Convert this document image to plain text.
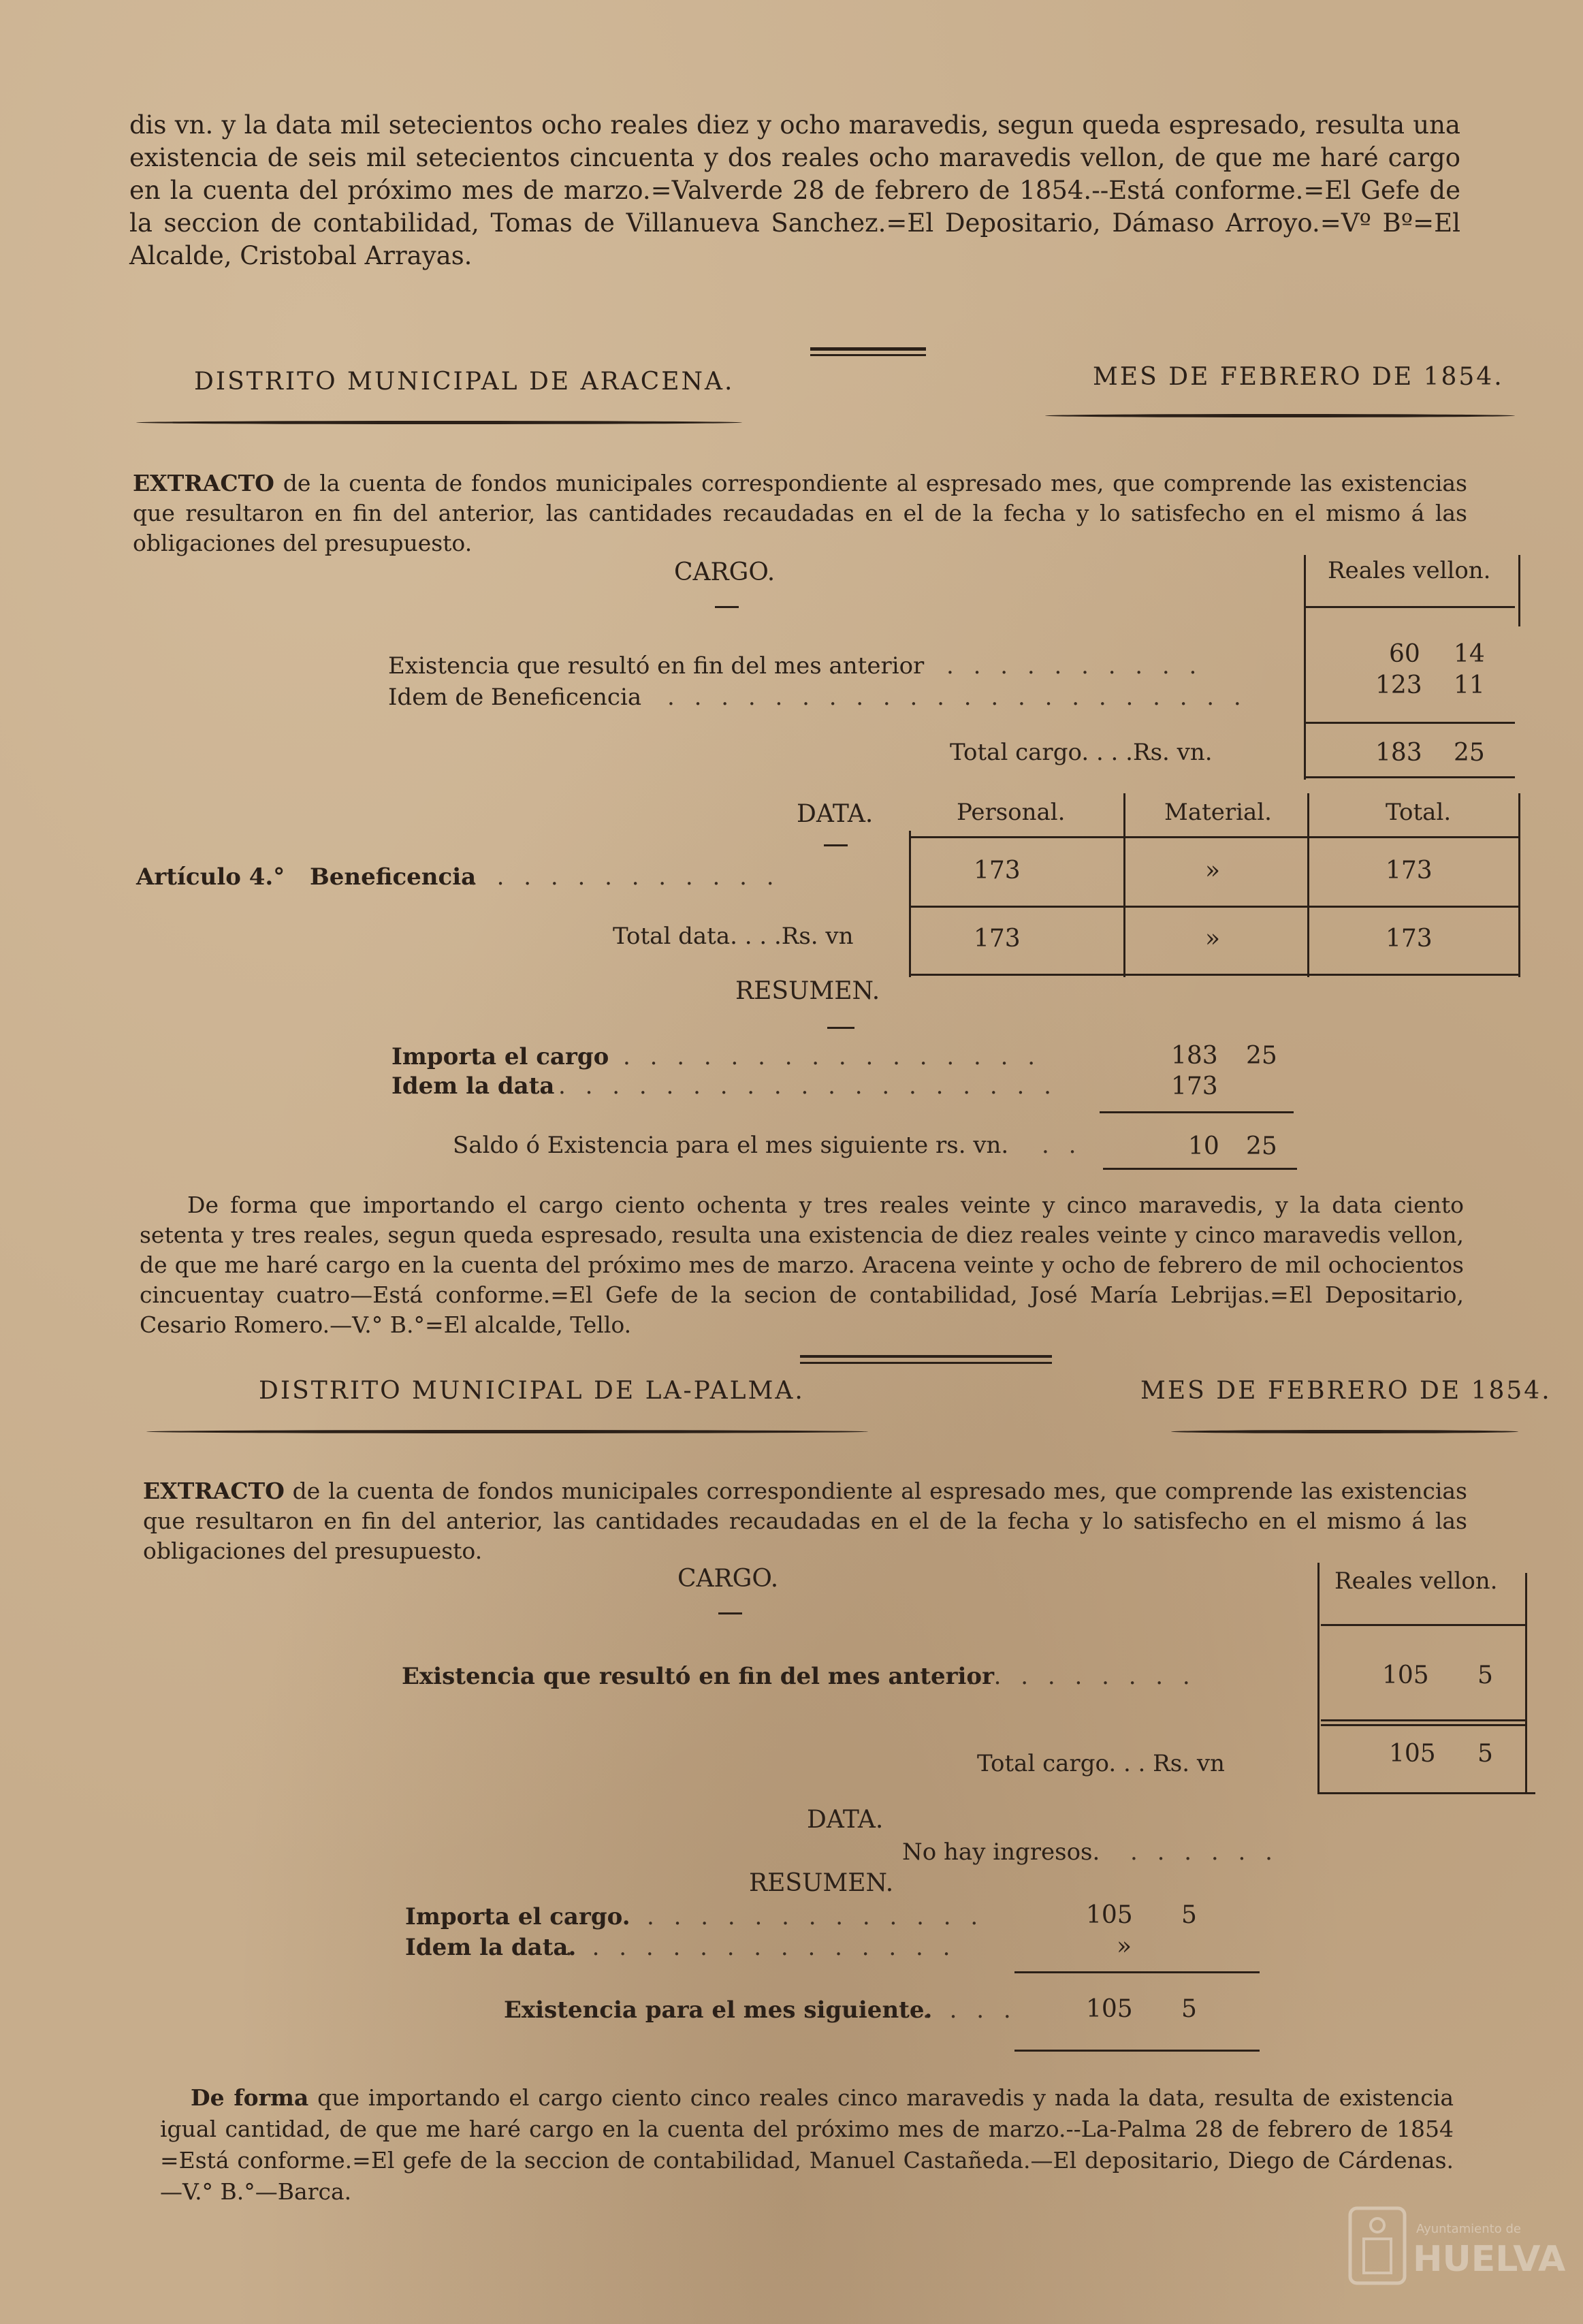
dis vn. y la data mil setecientos ocho reales diez y ocho maravedis, segun queda espresado, resulta una existencia de seis mil setecientos cincuenta y dos reales ocho maravedis vellon, de que me haré cargo en la cuenta del próximo mes de marzo.=Valverde 28 de febrero de 1854.--Está conforme.=El Gefe de la seccion de contabilidad, Tomas de Villanueva Sanchez.=El Depositario, Dámaso Arroyo.=Vº Bº=El Alcalde, Cristobal Arrayas.
DISTRITO MUNICIPAL DE ARACENA.	MES DE FEBRERO DE 1854.
EXTRACTO de la cuenta de fondos municipales correspondiente al espresado mes, que comprende las existencias que resultaron en fin del anterior, las cantidades recaudadas en el de la fecha y lo satisfecho en el mismo á las obligaciones del presupuesto.
CARGO.	Reales vellon.
Existencia que resultó en fin del mes anterior . . . . . . . . . .	60 14
Idem de Beneficencia . . . . . . . . . . . . . . . . . . . . . .	123 11
Total cargo. . . .Rs. vn.	183 25
DATA.	Personal.	Material.	Total.
Artículo 4.° Beneficencia
. . . . . . . . . . . .	173	»	173
Total data. . . .Rs. vn	173	»	173
RESUMEN.
Importa el cargo . . . . . . . . . . . . . . . .	183 25
Idem la data . . . . . . . . . . . . . . . . . . .	173
Saldo ó Existencia para el mes siguiente rs. vn. . .	10 25
De forma que importando el cargo ciento ochenta y tres reales veinte y cinco maravedis, y la data ciento setenta y tres reales, segun queda espresado, resulta una existencia de diez reales veinte y cinco maravedis vellon, de que me haré cargo en la cuenta del próximo mes de marzo. Aracena veinte y ocho de febrero de mil ochocientos cincuentay cuatro—Está conforme.=El Gefe de la secion de contabilidad, José María Lebrijas.=El Depositario, Cesario Romero.—V.° B.°=El alcalde, Tello.
DISTRITO MUNICIPAL DE LA-PALMA.	MES DE FEBRERO DE 1854.
EXTRACTO de la cuenta de fondos municipales correspondiente al espresado mes, que comprende las existencias que resultaron en fin del anterior, las cantidades recaudadas en el de la fecha y lo satisfecho en el mismo á las obligaciones del presupuesto.
CARGO.	Reales vellon.
Existencia que resultó en fin del mes anterior
. . . . . . . . .	105 5
Total cargo. . . Rs. vn	105 5
DATA.
No hay ingresos. . . . . . .
RESUMEN.
Importa el cargo. . . . . . . . . . . . . .	105 5
Idem la data.
. . . . . . . . . . . . . . .	»
Existencia para el mes siguiente.
. . . .	105 5
De forma que importando el cargo ciento cinco reales cinco maravedis y nada la data, resulta de existencia igual cantidad, de que me haré cargo en la cuenta del próximo mes de marzo.--La-Palma 28 de febrero de 1854 =Está conforme.=El gefe de la seccion de contabilidad, Manuel Castañeda.—El depositario, Diego de Cárdenas.—V.° B.°—Barca.
Ayuntamiento de
HUELVA
